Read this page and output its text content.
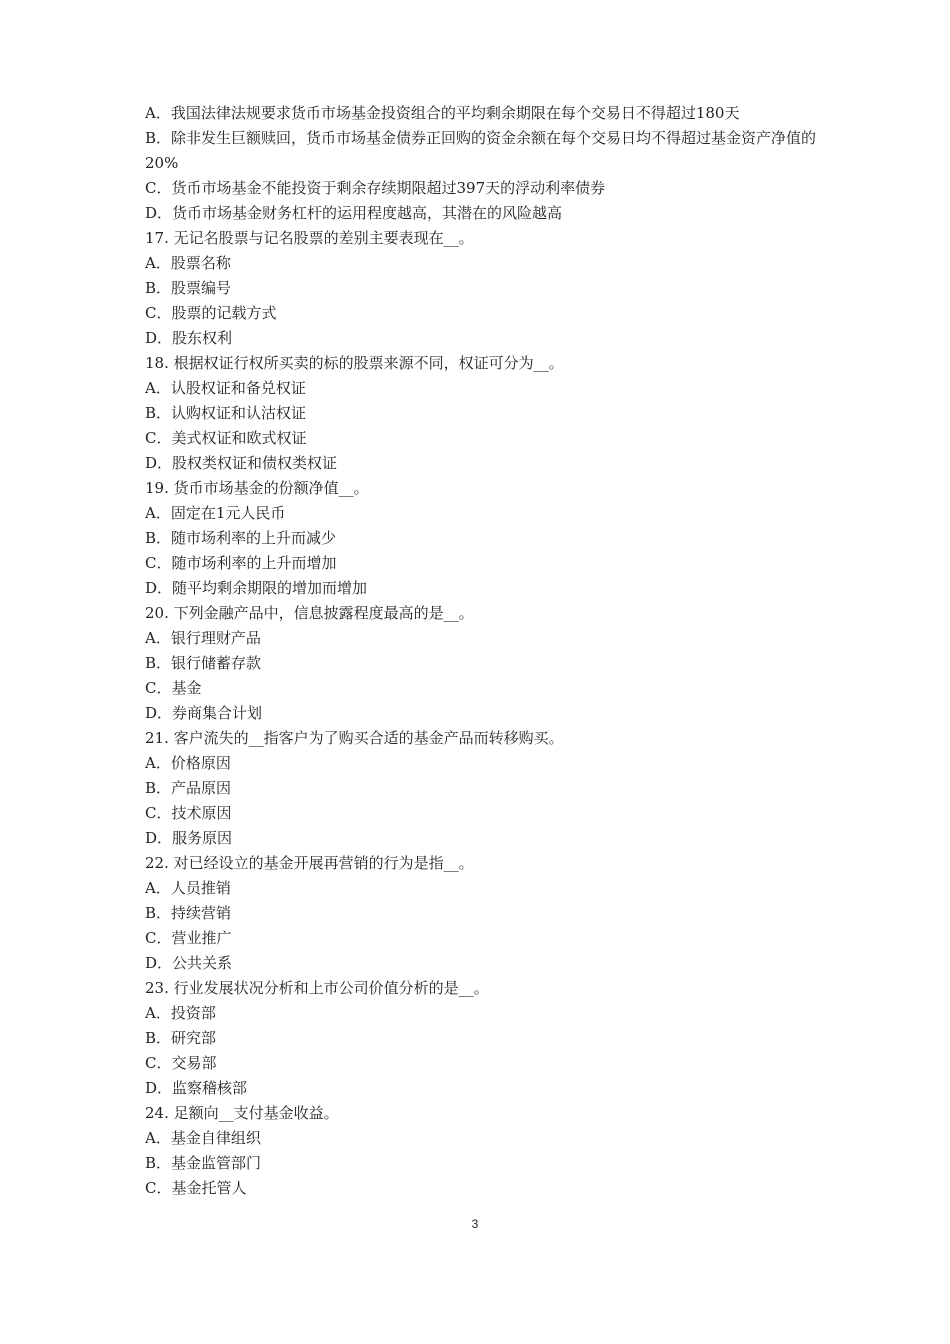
A．我国法律法规要求货币市场基金投资组合的平均剩余期限在每个交易日不得超过180天
B．除非发生巨额赎回，货币市场基金债券正回购的资金余额在每个交易日均不得超过基金资产净值的20%
C．货币市场基金不能投资于剩余存续期限超过397天的浮动利率债券
D．货币市场基金财务杠杆的运用程度越高，其潜在的风险越高
17. 无记名股票与记名股票的差别主要表现在__。
A．股票名称
B．股票编号
C．股票的记载方式
D．股东权利
18. 根据权证行权所买卖的标的股票来源不同，权证可分为__。
A．认股权证和备兑权证
B．认购权证和认沽权证
C．美式权证和欧式权证
D．股权类权证和债权类权证
19. 货币市场基金的份额净值__。
A．固定在1元人民币
B．随市场利率的上升而减少
C．随市场利率的上升而增加
D．随平均剩余期限的增加而增加
20. 下列金融产品中，信息披露程度最高的是__。
A．银行理财产品
B．银行储蓄存款
C．基金
D．券商集合计划
21. 客户流失的__指客户为了购买合适的基金产品而转移购买。
A．价格原因
B．产品原因
C．技术原因
D．服务原因
22. 对已经设立的基金开展再营销的行为是指__。
A．人员推销
B．持续营销
C．营业推广
D．公共关系
23. 行业发展状况分析和上市公司价值分析的是__。
A．投资部
B．研究部
C．交易部
D．监察稽核部
24. 足额向__支付基金收益。
A．基金自律组织
B．基金监管部门
C．基金托管人
3
